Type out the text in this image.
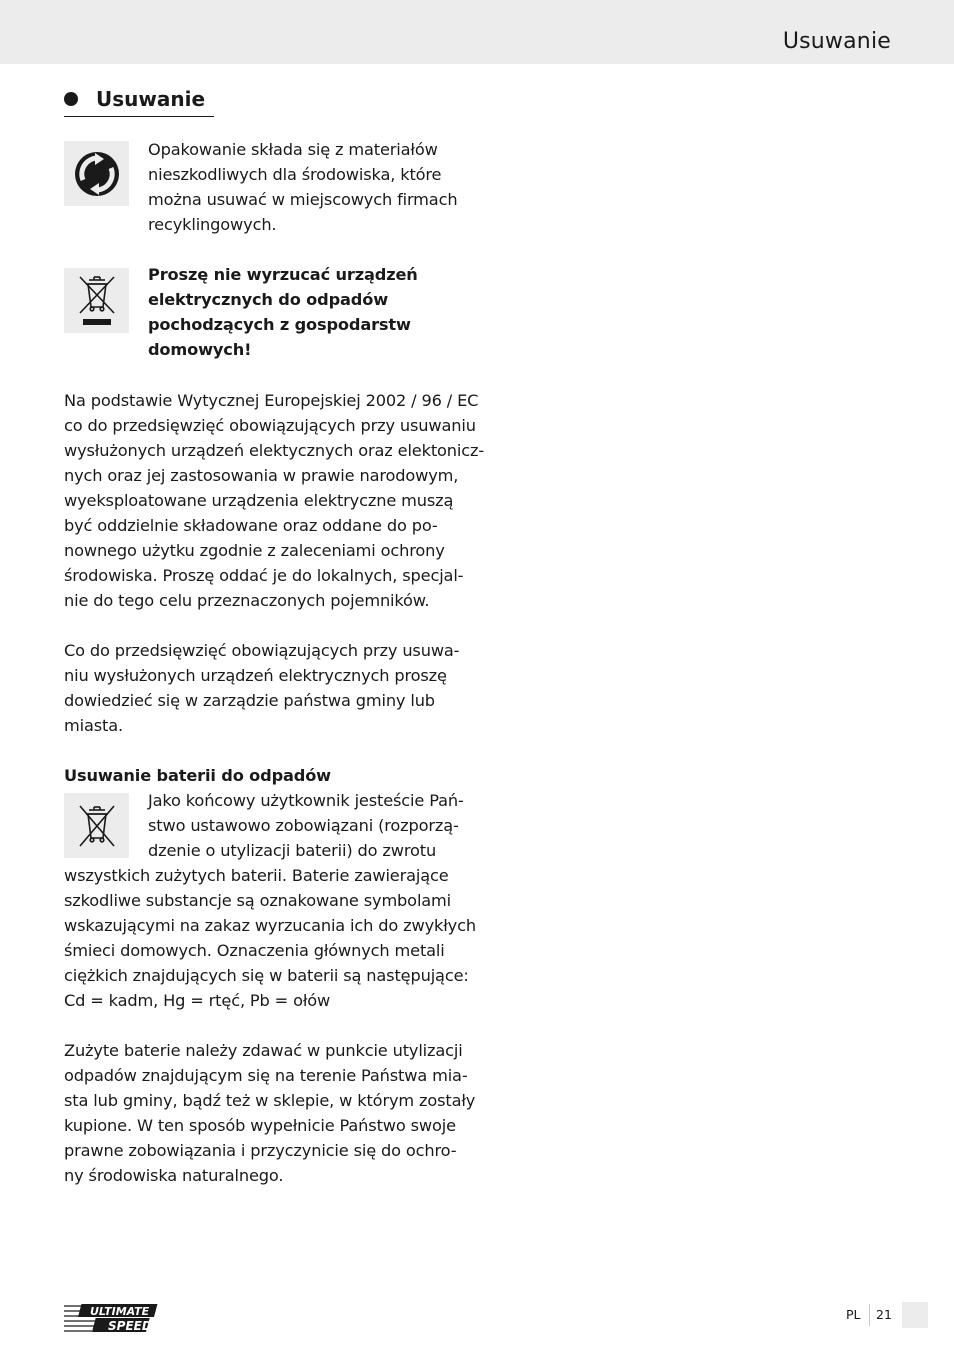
Usuwanie
Usuwanie
Opakowanie składa się z materiałów
nieszkodliwych dla środowiska, które
można usuwać w miejscowych firmach
recyklingowych.
Proszę nie wyrzucać urządzeń
elektrycznych do odpadów
pochodzących z gospodarstw
domowych!
Na podstawie Wytycznej Europejskiej 2002 / 96 / EC
co do przedsięwzięć obowiązujących przy usuwaniu
wysłużonych urządzeń elektycznych oraz elektonicz-
nych oraz jej zastosowania w prawie narodowym,
wyeksploatowane urządzenia elektryczne muszą
być oddzielnie składowane oraz oddane do po-
nownego użytku zgodnie z zaleceniami ochrony
środowiska. Proszę oddać je do lokalnych, specjal-
nie do tego celu przeznaczonych pojemników.
Co do przedsięwzięć obowiązujących przy usuwa-
niu wysłużonych urządzeń elektrycznych proszę
dowiedzieć się w zarządzie państwa gminy lub
miasta.
Usuwanie baterii do odpadów
Jako końcowy użytkownik jesteście Pań-
stwo ustawowo zobowiązani (rozporzą-
dzenie o utylizacji baterii) do zwrotu
wszystkich zużytych baterii. Baterie zawierające
szkodliwe substancje są oznakowane symbolami
wskazującymi na zakaz wyrzucania ich do zwykłych
śmieci domowych. Oznaczenia głównych metali
ciężkich znajdujących się w baterii są następujące:
Cd = kadm, Hg = rtęć, Pb = ołów
Zużyte baterie należy zdawać w punkcie utylizacji
odpadów znajdującym się na terenie Państwa mia-
sta lub gminy, bądź też w sklepie, w którym zostały
kupione. W ten sposób wypełnicie Państwo swoje
prawne zobowiązania i przyczynicie się do ochro-
ny środowiska naturalnego.
ULTIMATE
SPEED
PL 21
